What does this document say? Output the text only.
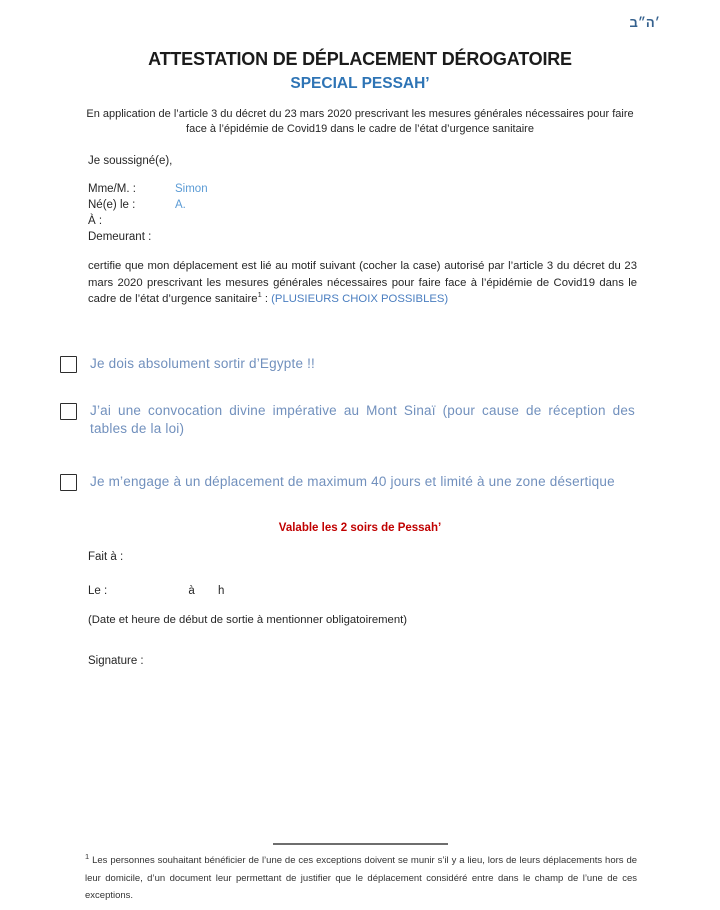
ב״ה׳
ATTESTATION DE DÉPLACEMENT DÉROGATOIRE
SPECIAL PESSAH’
En application de l’article 3 du décret du 23 mars 2020 prescrivant les mesures générales nécessaires pour faire face à l’épidémie de Covid19 dans le cadre de l’état d’urgence sanitaire
Je soussigné(e),
Mme/M. :	Simon
Né(e) le :	A.
À :
Demeurant :
certifie que mon déplacement est lié au motif suivant (cocher la case) autorisé par l’article 3 du décret du 23 mars 2020 prescrivant les mesures générales nécessaires pour faire face à l’épidémie de Covid19 dans le cadre de l’état d’urgence sanitaire$^1$ : (PLUSIEURS CHOIX POSSIBLES)
Je dois absolument sortir d’Egypte !!
J’ai une convocation divine impérative au Mont Sinaï (pour cause de réception des tables de la loi)
Je m’engage à un déplacement de maximum 40 jours et limité à une zone désertique
Valable les 2 soirs de Pessah’
Fait à :
Le :	à h
(Date et heure de début de sortie à mentionner obligatoirement)
Signature :
$^1$ Les personnes souhaitant bénéficier de l’une de ces exceptions doivent se munir s’il y a lieu, lors de leurs déplacements hors de leur domicile, d’un document leur permettant de justifier que le déplacement considéré entre dans le champ de l’une de ces exceptions.
